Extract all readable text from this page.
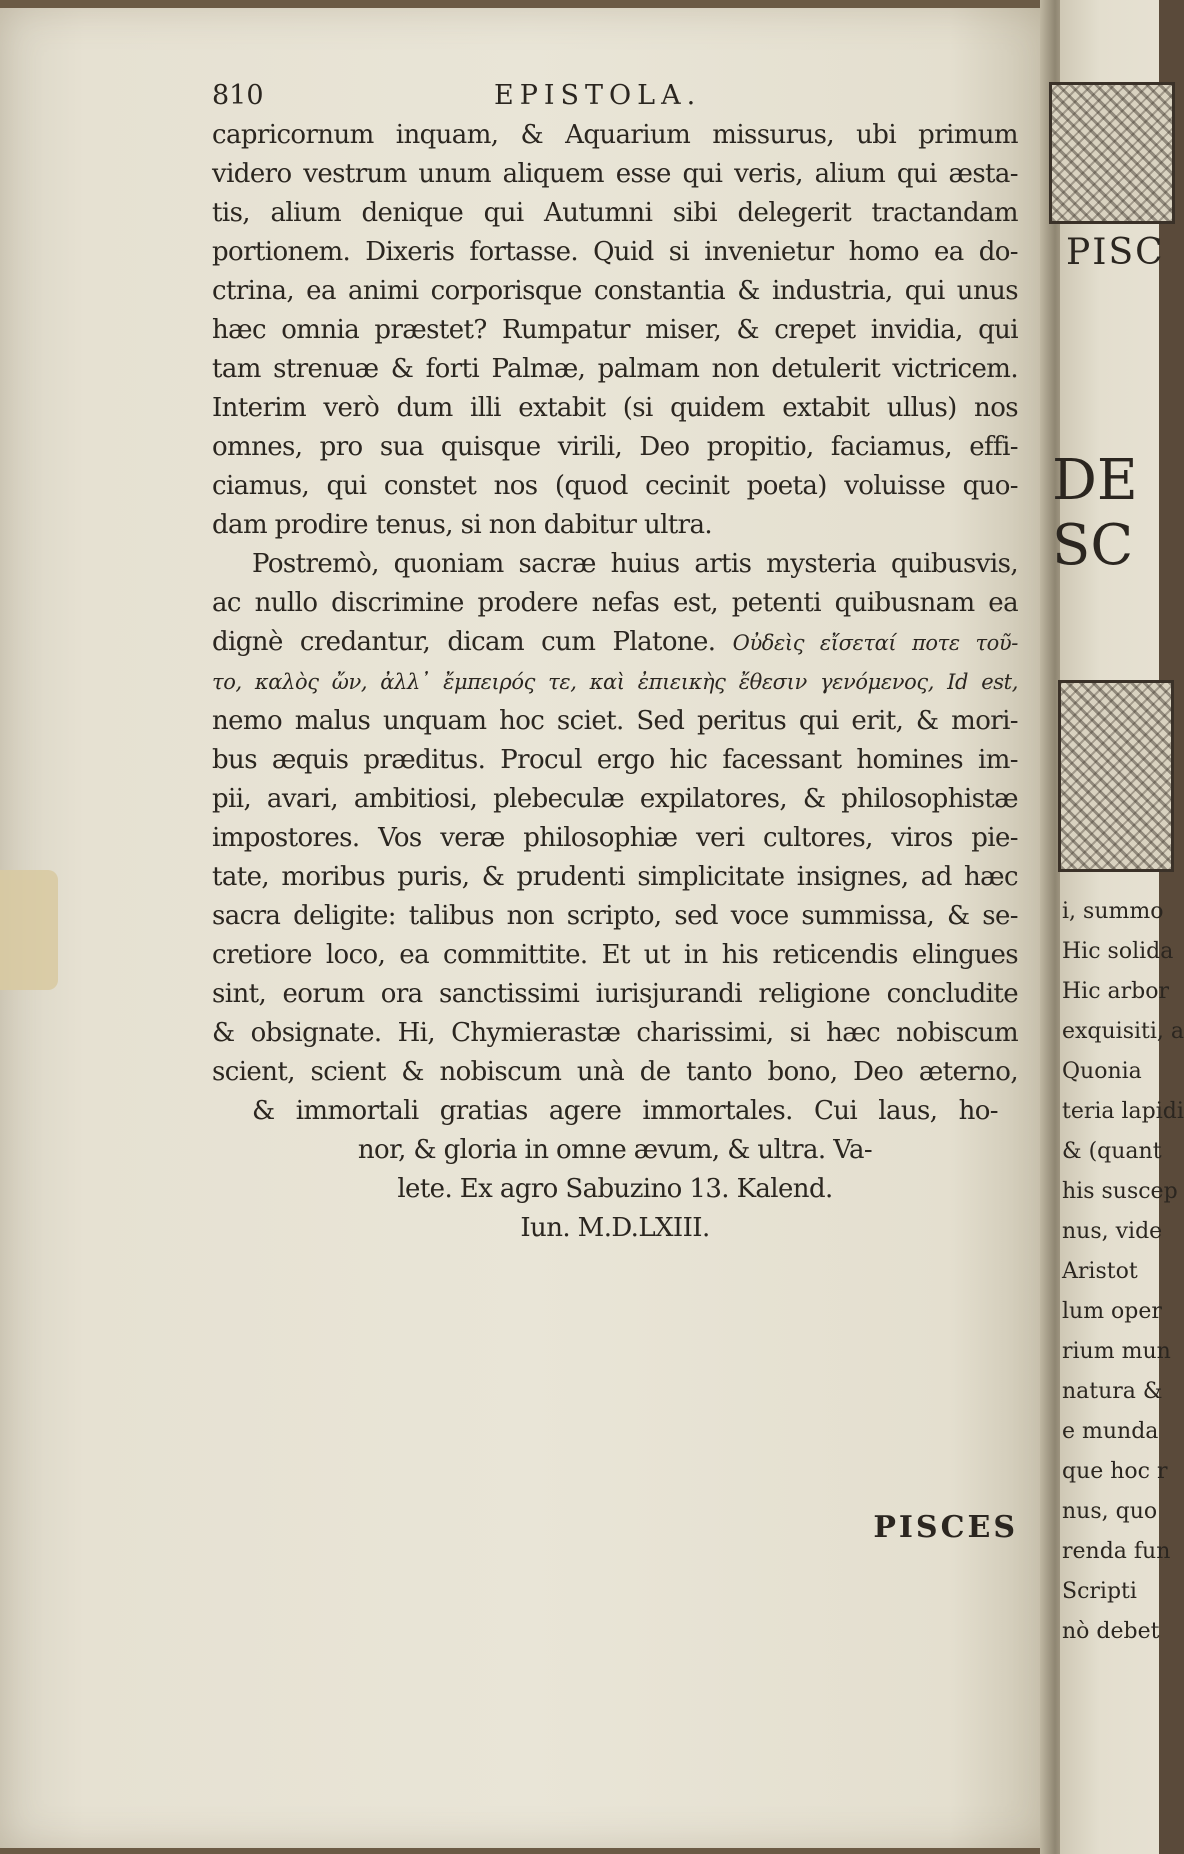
810	EPISTOLA.
capricornum inquam, & Aquarium missurus, ubi primum
videro vestrum unum aliquem esse qui veris, alium qui æsta-
tis, alium denique qui Autumni sibi delegerit tractandam
portionem. Dixeris fortasse. Quid si invenietur homo ea do-
ctrina, ea animi corporisque constantia & industria, qui unus
hæc omnia præstet? Rumpatur miser, & crepet invidia, qui
tam strenuæ & forti Palmæ, palmam non detulerit victricem.
Interim verò dum illi extabit (si quidem extabit ullus) nos
omnes, pro sua quisque virili, Deo propitio, faciamus, effi-
ciamus, qui constet nos (quod cecinit poeta) voluisse quo-
dam prodire tenus, si non dabitur ultra.
Postremò, quoniam sacræ huius artis mysteria quibusvis,
ac nullo discrimine prodere nefas est, petenti quibusnam ea
dignè credantur, dicam cum Platone. Οὐδεὶς εἴσεταί ποτε τοῦ-
το, καλὸς ὤν, ἀλλ᾽ ἔμπειρός τε, καὶ ἐπιεικὴς ἔθεσιν γενόμενος, Id est,
nemo malus unquam hoc sciet. Sed peritus qui erit, & mori-
bus æquis præditus. Procul ergo hic facessant homines im-
pii, avari, ambitiosi, plebeculæ expilatores, & philosophistæ
impostores. Vos veræ philosophiæ veri cultores, viros pie-
tate, moribus puris, & prudenti simplicitate insignes, ad hæc
sacra deligite: talibus non scripto, sed voce summissa, & se-
cretiore loco, ea committite. Et ut in his reticendis elingues
sint, eorum ora sanctissimi iurisjurandi religione concludite
& obsignate. Hi, Chymierastæ charissimi, si hæc nobiscum
scient, scient & nobiscum unà de tanto bono, Deo æterno,
& immortali gratias agere immortales. Cui laus, ho-
nor, & gloria in omne ævum, & ultra. Va-
lete. Ex agro Sabuzino 13. Kalend.
Iun. M.D.LXIII.
PISCES
PISC
DE SC
i, summo
Hic solida
Hic arbor
exquisiti, a
Quonia
teria lapidi
& (quant
his suscep
nus, vide
Aristot
lum oper
rium mun
natura &
e munda
que hoc r
nus, quo
renda fun
Scripti
nò debet
